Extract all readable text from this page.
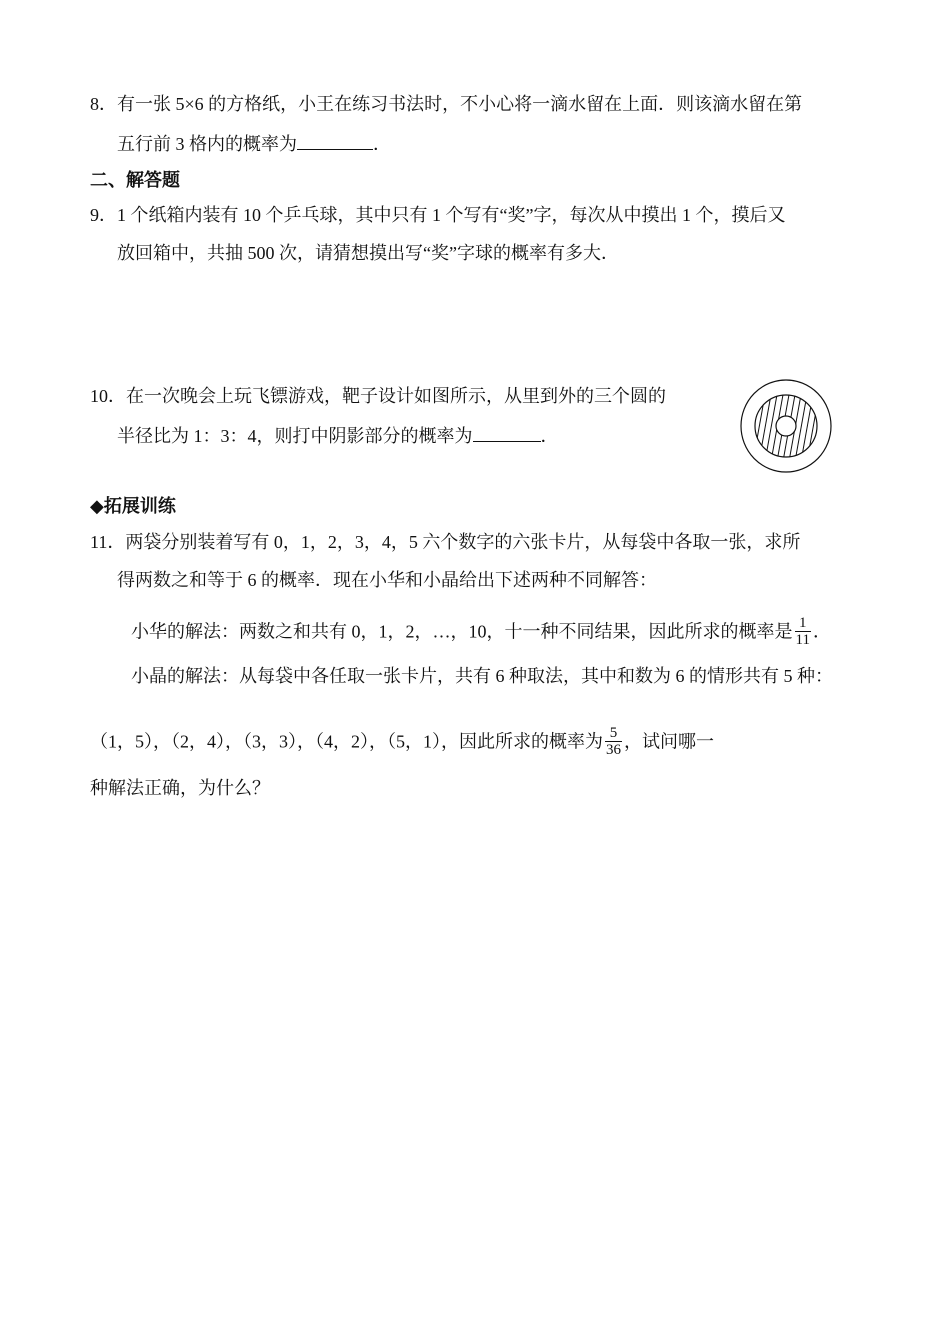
8．有一张 5×6 的方格纸，小王在练习书法时，不小心将一滴水留在上面．则该滴水留在第
五行前 3 格内的概率为	．
二、解答题
9．1 个纸箱内装有 10 个乒乓球，其中只有 1 个写有“奖”字，每次从中摸出 1 个，摸后又
放回箱中，共抽 500 次，请猜想摸出写“奖”字球的概率有多大．
10．在一次晚会上玩飞镖游戏，靶子设计如图所示，从里到外的三个圆的
半径比为 1：3：4，则打中阴影部分的概率为	．
◆拓展训练
11．两袋分别装着写有 0，1，2，3，4，5 六个数字的六张卡片，从每袋中各取一张，求所
得两数之和等于 6 的概率．现在小华和小晶给出下述两种不同解答：
小华的解法：两数之和共有 0，1，2，…，10，十一种不同结果，因此所求的概率是 $\frac{1}{11}$ ．
小晶的解法：从每袋中各任取一张卡片，共有 6 种取法，其中和数为 6 的情形共有 5 种：
（1，5），（2，4），（3，3），（4，2），（5，1），因此所求的概率为 $\frac{5}{36}$ ，试问哪一
种解法正确，为什么？
